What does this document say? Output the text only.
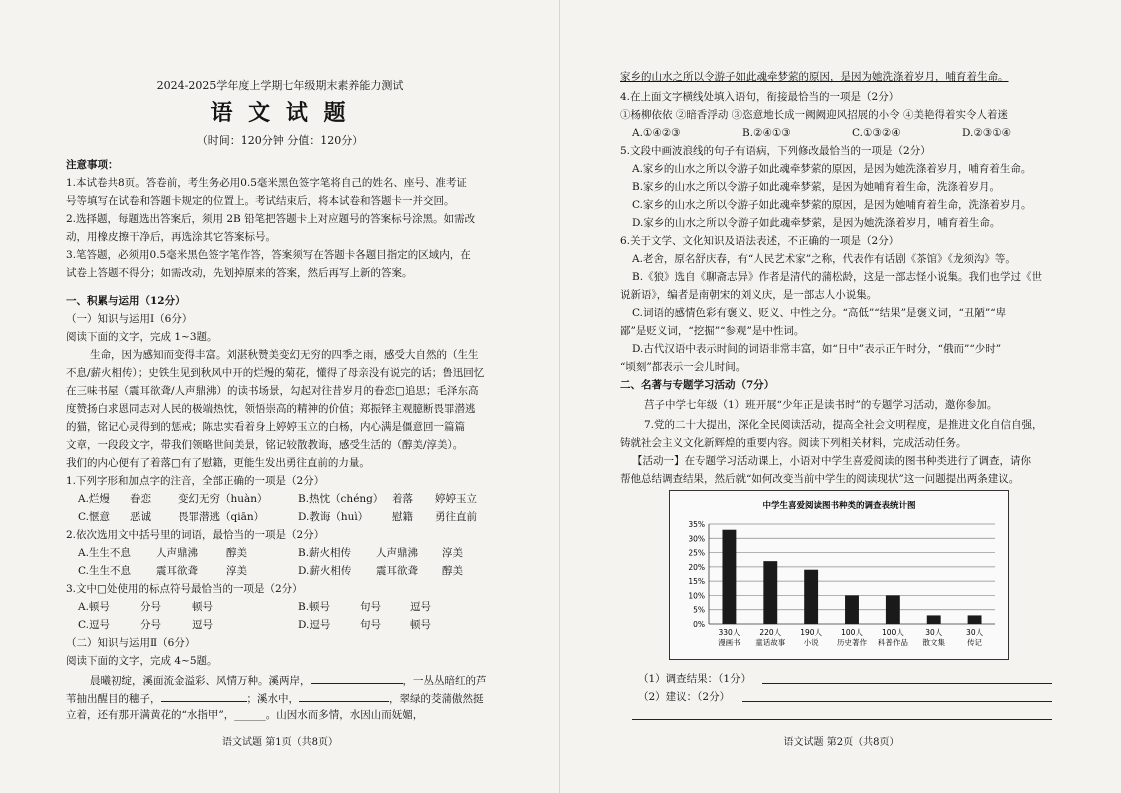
2024-2025学年度上学期七年级期末素养能力测试
语 文 试 题
（时间：120分钟 分值：120分）
注意事项：
1.本试卷共8页。答卷前，考生务必用0.5毫米黑色签字笔将自己的姓名、座号、准考证
号等填写在试卷和答题卡规定的位置上。考试结束后，将本试卷和答题卡一并交回。
2.选择题，每题选出答案后，须用 2B 铅笔把答题卡上对应题号的答案标号涂黑。如需改
动，用橡皮擦干净后，再选涂其它答案标号。
3.笔答题，必须用0.5毫米黑色签字笔作答，答案须写在答题卡各题目指定的区域内，在
试卷上答题不得分；如需改动，先划掉原来的答案，然后再写上新的答案。
一、积累与运用（12分）
（一）知识与运用Ⅰ（6分）
阅读下面的文字，完成 1~3题。
生命，因为感知而变得丰富。刘湛秋赞美变幻无穷的四季之雨，感受大自然的（生生
不息/薪火相传）；史铁生见到秋风中开的烂熳的菊花，懂得了母亲没有说完的话；鲁迅回忆
在三味书屋（震耳欲聋/人声鼎沸）的读书场景，勾起对往昔岁月的眷恋□追思；毛泽东高
度赞扬白求恩同志对人民的极端热忱，领悟崇高的精神的价值；郑振铎主观臆断畏罪潜逃
的猫，铭记心灵得到的惩戒；陈忠实看着身上婷婷玉立的白杨，内心满是僵意回一篇篇
文章，一段段文字，带我们领略世间美景，铭记较散教诲，感受生活的（醇美/淳美）。
我们的内心便有了着落□有了慰籍，更能生发出勇往直前的力量。
1.下列字形和加点字的注音，全部正确的一项是（2分）
A.烂熳 眷恋	变幻无穷（huàn）	B.热忱（chéng） 着落 婷婷玉立
C.惬意 恶诚	畏罪潜逃（qiān）	D.教诲（huì） 慰籍 勇往直前
2.依次选用文中括号里的词语，最恰当的一项是（2分）
A.生生不息 人声鼎沸	醇美	B.薪火相传 人声鼎沸 淳美
C.生生不息 震耳欲聋	淳美	D.薪火相传 震耳欲聋 醇美
3.文中□处使用的标点符号最恰当的一项是（2分）
A.顿号	分号	顿号	B.顿号	句号	逗号
C.逗号	分号	逗号	D.逗号	句号	顿号
（二）知识与运用Ⅱ（6分）
阅读下面的文字，完成 4~5题。
晨曦初绽，溪面流金溢彩、风情万种。溪两岸，	，一丛丛暗红的芦
苇抽出醒目的穗子，	；溪水中，	，翠绿的茭蒲傲然挺
立着，还有那开满黄花的“水指甲”，______。山因水而多情，水因山而妩媚，
语文试题 第1页（共8页）
家乡的山水之所以令游子如此魂牵梦萦的原因，是因为她洗涤着岁月，哺育着生命。
4.在上面文字横线处填入语句，衔接最恰当的一项是（2分）
①杨柳依依 ②暗香浮动 ③恣意地长成一阙阙迎风招展的小令 ④美艳得着实令人着迷
A.①④②③	B.②④①③	C.①③②④	D.②③①④
5.文段中画波浪线的句子有语病，下列修改最恰当的一项是（2分）
A.家乡的山水之所以令游子如此魂牵梦萦的原因，是因为她洗涤着岁月，哺育着生命。
B.家乡的山水之所以令游子如此魂牵梦萦，是因为她哺育着生命，洗涤着岁月。
C.家乡的山水之所以令游子如此魂牵梦萦的原因，是因为她哺育着生命，洗涤着岁月。
D.家乡的山水之所以令游子如此魂牵梦萦，是因为她洗涤着岁月，哺育着生命。
6.关于文学、文化知识及语法表述，不正确的一项是（2分）
A.老舍，原名舒庆春，有“人民艺术家”之称，代表作有话剧《茶馆》《龙须沟》等。
B.《狼》选自《聊斋志异》作者是清代的蒲松龄，这是一部志怪小说集。我们也学过《世
说新语》，编者是南朝宋的刘义庆，是一部志人小说集。
C.词语的感情色彩有褒义、贬义、中性之分。“高低”“结果”是褒义词，“丑陋”“卑
鄙”是贬义词，“挖掘”“参观”是中性词。
D.古代汉语中表示时间的词语非常丰富，如“日中”表示正午时分，“俄而”“少时”
“顷刻”都表示一会儿时间。
二、名著与专题学习活动（7分）
莒子中学七年级（1）班开展“少年正是读书时”的专题学习活动，邀你参加。
7.党的二十大提出，深化全民阅读活动，提高全社会文明程度，是推进文化自信自强，
铸就社会主义文化新辉煌的重要内容。阅读下列相关材料，完成活动任务。
【活动一】在专题学习活动课上，小语对中学生喜爱阅读的图书种类进行了调查，请你
帮他总结调查结果，然后就“如何改变当前中学生的阅读现状”这一问题提出两条建议。
中学生喜爱阅读图书种类的调查表统计图
0%
5%
10%
15%
20%
25%
30%
35%
330人
漫画书
220人
童话故事
190人
小说
100人
历史著作
100人
科普作品
30人
散文集
30人
传记
（1）调查结果：（1分）
（2）建议：（2分）
语文试题 第2页（共8页）
